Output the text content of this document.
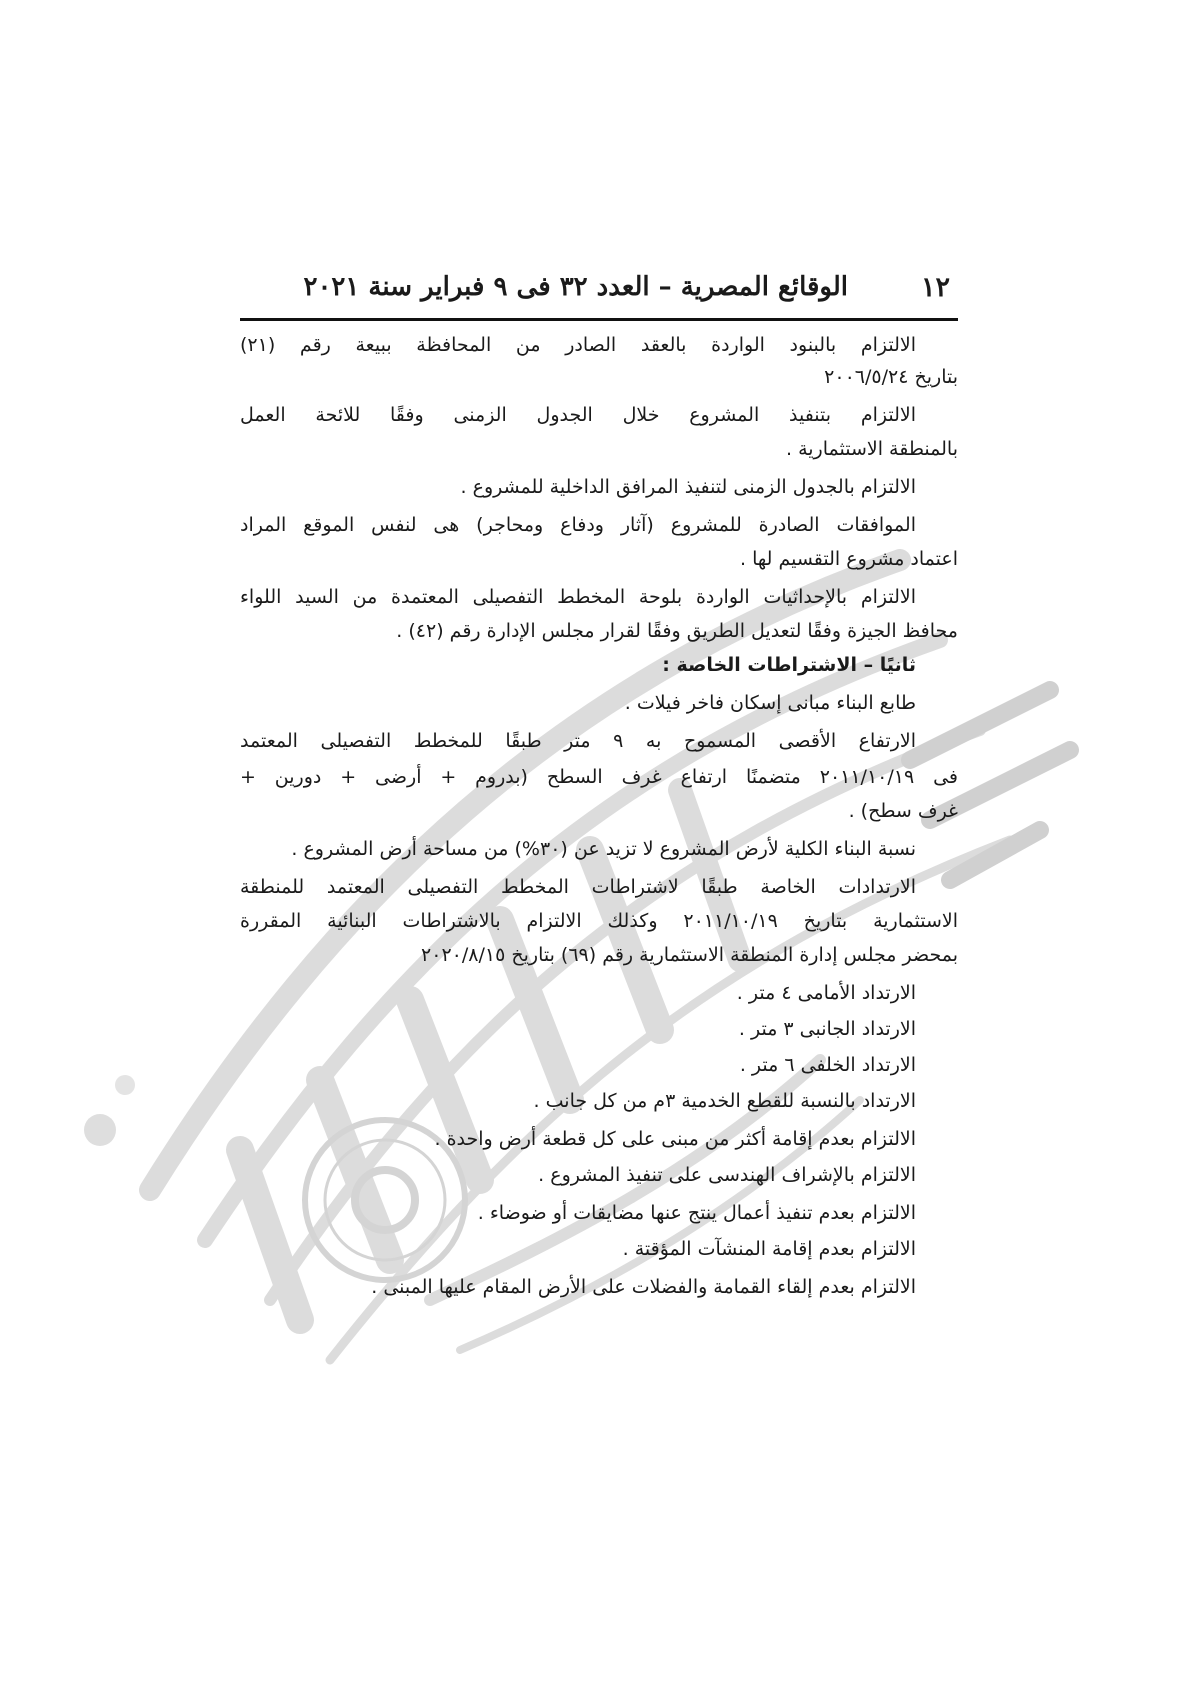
١٢
الوقائع المصرية – العدد ٣٢ فى ٩ فبراير سنة ٢٠٢١
الالتزام بالبنود الواردة بالعقد الصادر من المحافظة ببيعة رقم (٢١)
بتاريخ ٢٠٠٦/٥/٢٤
الالتزام بتنفيذ المشروع خلال الجدول الزمنى وفقًا للائحة العمل
بالمنطقة الاستثمارية .
الالتزام بالجدول الزمنى لتنفيذ المرافق الداخلية للمشروع .
الموافقات الصادرة للمشروع (آثار ودفاع ومحاجر) هى لنفس الموقع المراد
اعتماد مشروع التقسيم لها .
الالتزام بالإحداثيات الواردة بلوحة المخطط التفصيلى المعتمدة من السيد اللواء
محافظ الجيزة وفقًا لتعديل الطريق وفقًا لقرار مجلس الإدارة رقم (٤٢) .
ثانيًا – الاشتراطات الخاصة :
طابع البناء مبانى إسكان فاخر فيلات .
الارتفاع الأقصى المسموح به ٩ متر طبقًا للمخطط التفصيلى المعتمد
فى ٢٠١١/١٠/١٩ متضمنًا ارتفاع غرف السطح (بدروم + أرضى + دورين +
غرف سطح) .
نسبة البناء الكلية لأرض المشروع لا تزيد عن (٣٠%) من مساحة أرض المشروع .
الارتدادات الخاصة طبقًا لاشتراطات المخطط التفصيلى المعتمد للمنطقة
الاستثمارية بتاريخ ٢٠١١/١٠/١٩ وكذلك الالتزام بالاشتراطات البنائية المقررة
بمحضر مجلس إدارة المنطقة الاستثمارية رقم (٦٩) بتاريخ ٢٠٢٠/٨/١٥
الارتداد الأمامى ٤ متر .
الارتداد الجانبى ٣ متر .
الارتداد الخلفى ٦ متر .
الارتداد بالنسبة للقطع الخدمية ٣م من كل جانب .
الالتزام بعدم إقامة أكثر من مبنى على كل قطعة أرض واحدة .
الالتزام بالإشراف الهندسى على تنفيذ المشروع .
الالتزام بعدم تنفيذ أعمال ينتج عنها مضايقات أو ضوضاء .
الالتزام بعدم إقامة المنشآت المؤقتة .
الالتزام بعدم إلقاء القمامة والفضلات على الأرض المقام عليها المبنى .
